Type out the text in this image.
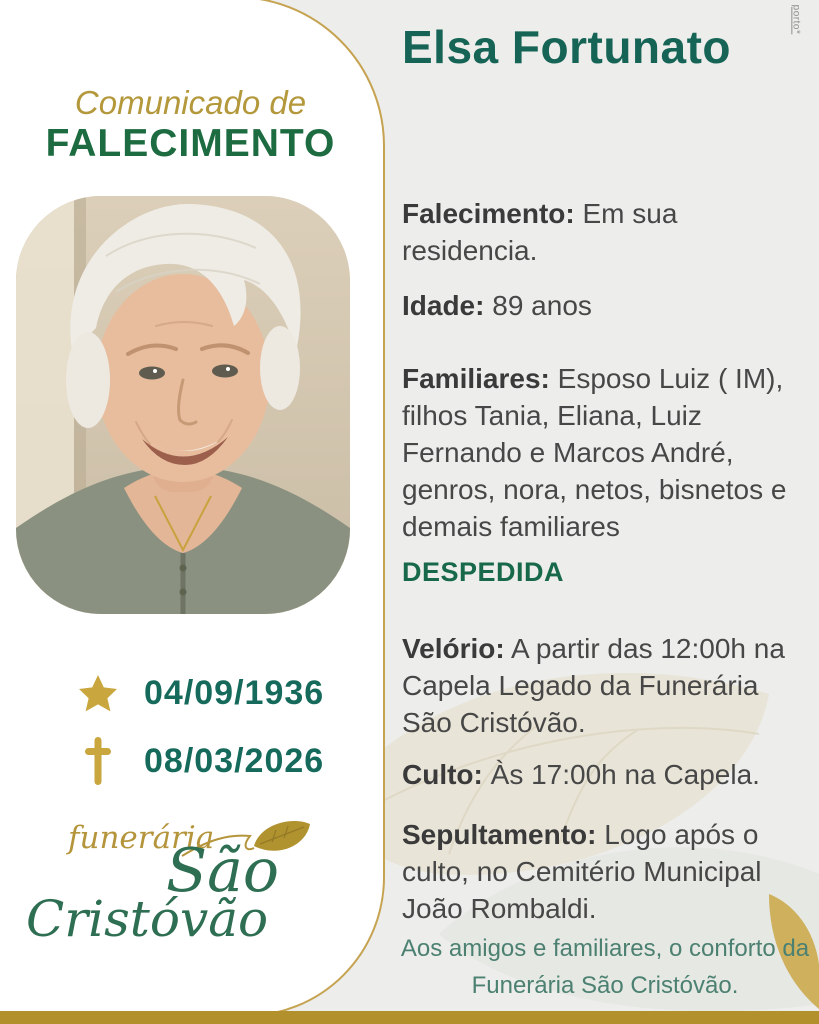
porto*
Comunicado de
FALECIMENTO
04/09/1936
08/03/2026
funerária
São
Cristóvão
Elsa Fortunato

Falecimento: Em sua residencia.

Idade: 89 anos

Familiares: Esposo Luiz ( IM), filhos Tania, Eliana, Luiz Fernando e Marcos André, genros, nora, netos, bisnetos e demais familiares

DESPEDIDA

Velório: A partir das 12:00h na Capela Legado da Funerária São Cristóvão.

Culto: Às 17:00h na Capela.

Sepultamento: Logo após o culto, no Cemitério Municipal João Rombaldi.

Aos amigos e familiares, o conforto da Funerária São Cristóvão.
